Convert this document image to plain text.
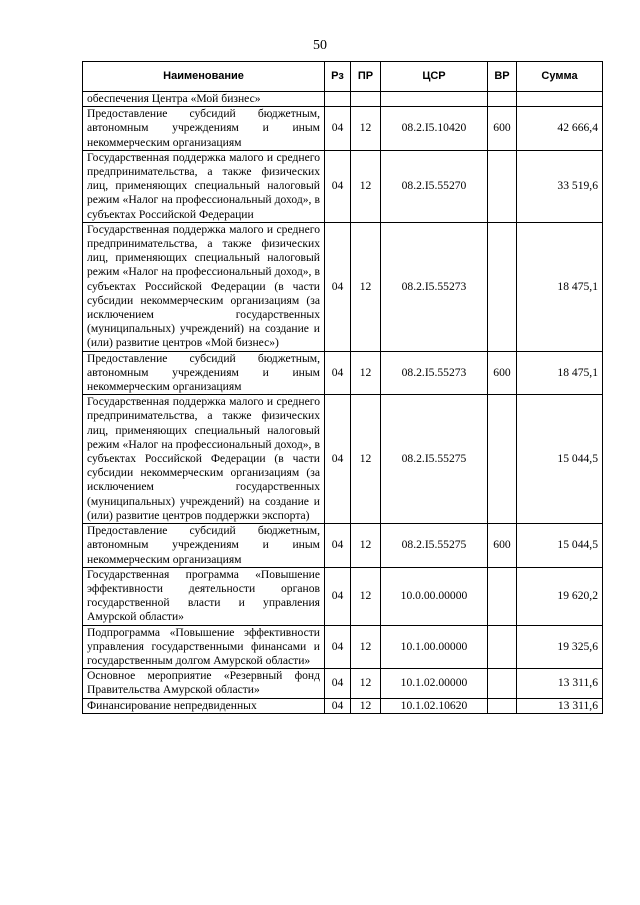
50
Наименование	Рз	ПР	ЦСР	ВР	Сумма
обеспечения Центра «Мой бизнес»					
Предоставление субсидий бюджетным, автономным учреждениям и иным некоммерческим организациям	04	12	08.2.I5.10420	600	42 666,4
Государственная поддержка малого и среднего предпринимательства, а также физических лиц, применяющих специальный налоговый режим «Налог на профессиональный доход», в субъектах Российской Федерации	04	12	08.2.I5.55270		33 519,6
Государственная поддержка малого и среднего предпринимательства, а также физических лиц, применяющих специальный налоговый режим «Налог на профессиональный доход», в субъектах Российской Федерации (в части субсидии некоммерческим организациям (за исключением государственных (муниципальных) учреждений) на создание и (или) развитие центров «Мой бизнес»)	04	12	08.2.I5.55273		18 475,1
Предоставление субсидий бюджетным, автономным учреждениям и иным некоммерческим организациям	04	12	08.2.I5.55273	600	18 475,1
Государственная поддержка малого и среднего предпринимательства, а также физических лиц, применяющих специальный налоговый режим «Налог на профессиональный доход», в субъектах Российской Федерации (в части субсидии некоммерческим организациям (за исключением государственных (муниципальных) учреждений) на создание и (или) развитие центров поддержки экспорта)	04	12	08.2.I5.55275		15 044,5
Предоставление субсидий бюджетным, автономным учреждениям и иным некоммерческим организациям	04	12	08.2.I5.55275	600	15 044,5
Государственная программа «Повышение эффективности деятельности органов государственной власти и управления Амурской области»	04	12	10.0.00.00000		19 620,2
Подпрограмма «Повышение эффективности управления государственными финансами и государственным долгом Амурской области»	04	12	10.1.00.00000		19 325,6
Основное мероприятие «Резервный фонд Правительства Амурской области»	04	12	10.1.02.00000		13 311,6
Финансирование непредвиденных	04	12	10.1.02.10620		13 311,6
